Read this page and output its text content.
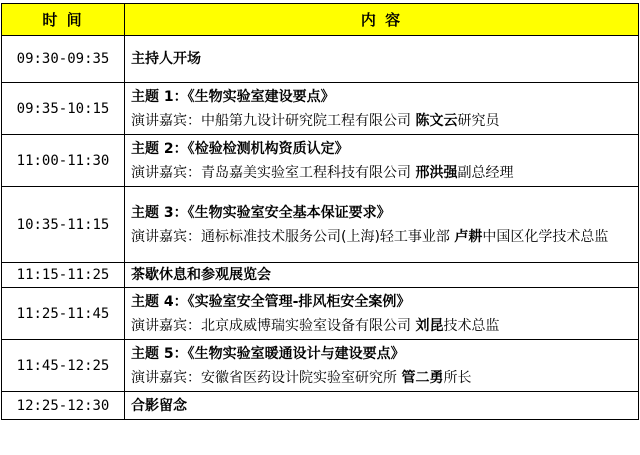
时 间	内 容
09:30-09:35	主持人开场
09:35-10:15	主题 1：《生物实验室建设要点》
演讲嘉宾：中船第九设计研究院工程有限公司 陈文云研究员

11:00-11:30	主题 2：《检验检测机构资质认定》
演讲嘉宾：青岛嘉美实验室工程科技有限公司 邢洪强副总经理

10:35-11:15	主题 3：《生物实验室安全基本保证要求》
演讲嘉宾：通标标准技术服务公司(上海)轻工事业部 卢耕中国区化学技术总监

11:15-11:25	茶歇休息和参观展览会
11:25-11:45	主题 4：《实验室安全管理-排风柜安全案例》
演讲嘉宾：北京成威博瑞实验室设备有限公司 刘昆技术总监

11:45-12:25	主题 5：《生物实验室暖通设计与建设要点》
演讲嘉宾：安徽省医药设计院实验室研究所 管二勇所长

12:25-12:30	合影留念
